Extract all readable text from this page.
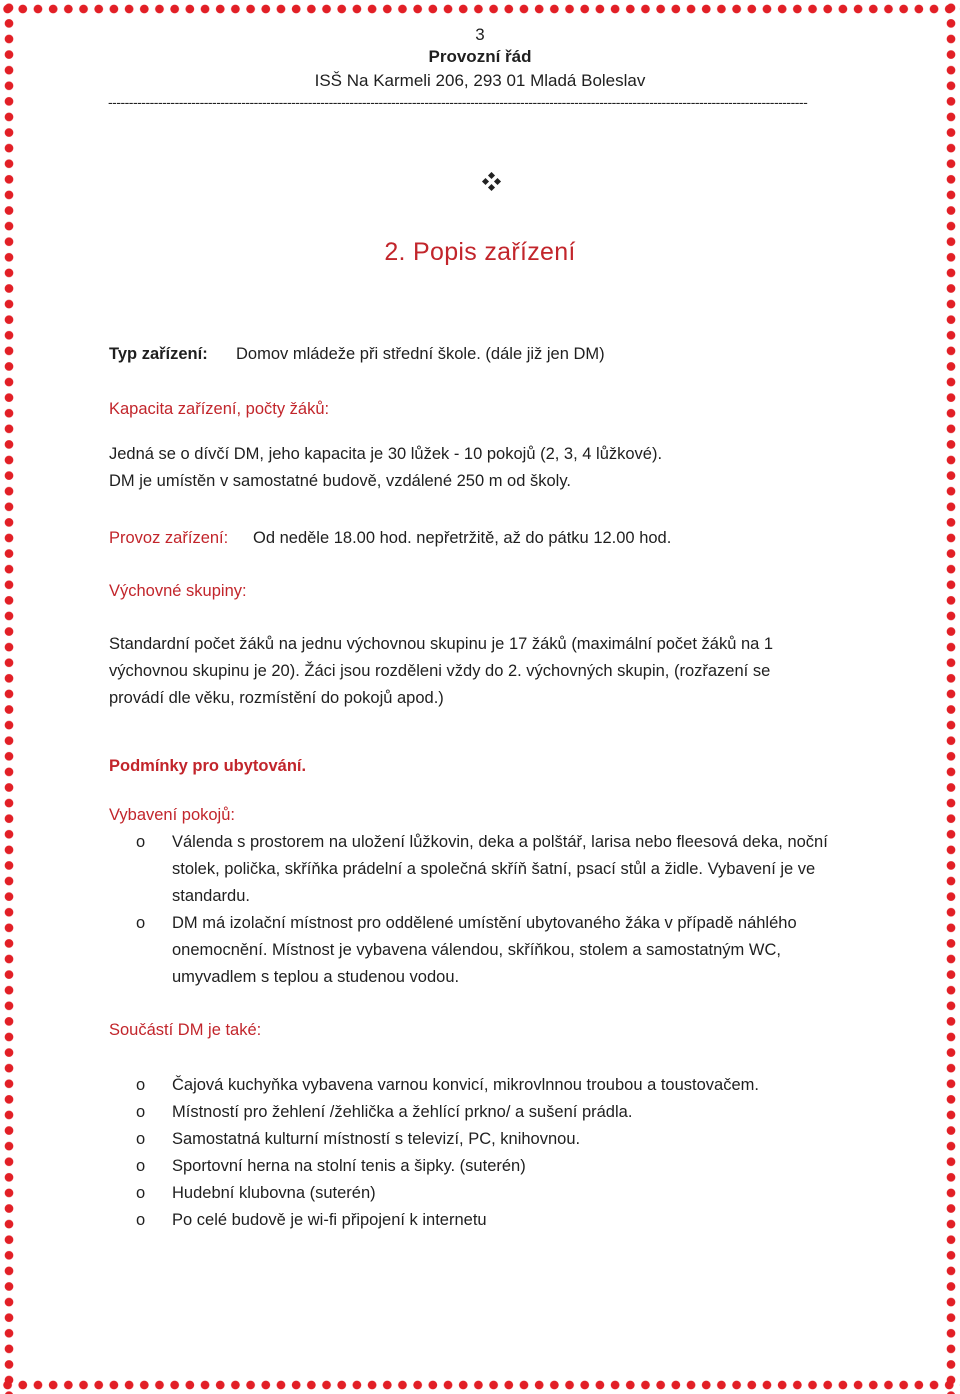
3
Provozní řád
ISŠ Na Karmeli 206, 293 01 Mladá Boleslav
------------------------------------------------------------------------------------------------------------------------------------------------------------------------
2. Popis zařízení
Typ zařízení: Domov mládeže při střední škole. (dále již jen DM)
Kapacita zařízení, počty žáků:
Jedná se o dívčí DM, jeho kapacita je 30 lůžek - 10 pokojů (2, 3, 4 lůžkové).
DM je umístěn v samostatné budově, vzdálené 250 m od školy.
Provoz zařízení: Od neděle 18.00 hod. nepřetržitě, až do pátku 12.00 hod.
Výchovné skupiny:
Standardní počet žáků na jednu výchovnou skupinu je 17 žáků (maximální počet žáků na 1
výchovnou skupinu je 20). Žáci jsou rozděleni vždy do 2. výchovných skupin, (rozřazení se
provádí dle věku, rozmístění do pokojů apod.)
Podmínky pro ubytování.
Vybavení pokojů:
o Válenda s prostorem na uložení lůžkovin, deka a polštář, larisa nebo fleesová deka, noční
stolek, polička, skříňka prádelní a společná skříň šatní, psací stůl a židle. Vybavení je ve
standardu.
o DM má izolační místnost pro oddělené umístění ubytovaného žáka v případě náhlého
onemocnění. Místnost je vybavena válendou, skříňkou, stolem a samostatným WC,
umyvadlem s teplou a studenou vodou.
Součástí DM je také:
o Čajová kuchyňka vybavena varnou konvicí, mikrovlnnou troubou a toustovačem.
o Místností pro žehlení /žehlička a žehlící prkno/ a sušení prádla.
o Samostatná kulturní místností s televizí, PC, knihovnou.
o Sportovní herna na stolní tenis a šipky. (suterén)
o Hudební klubovna (suterén)
o Po celé budově je wi-fi připojení k internetu
